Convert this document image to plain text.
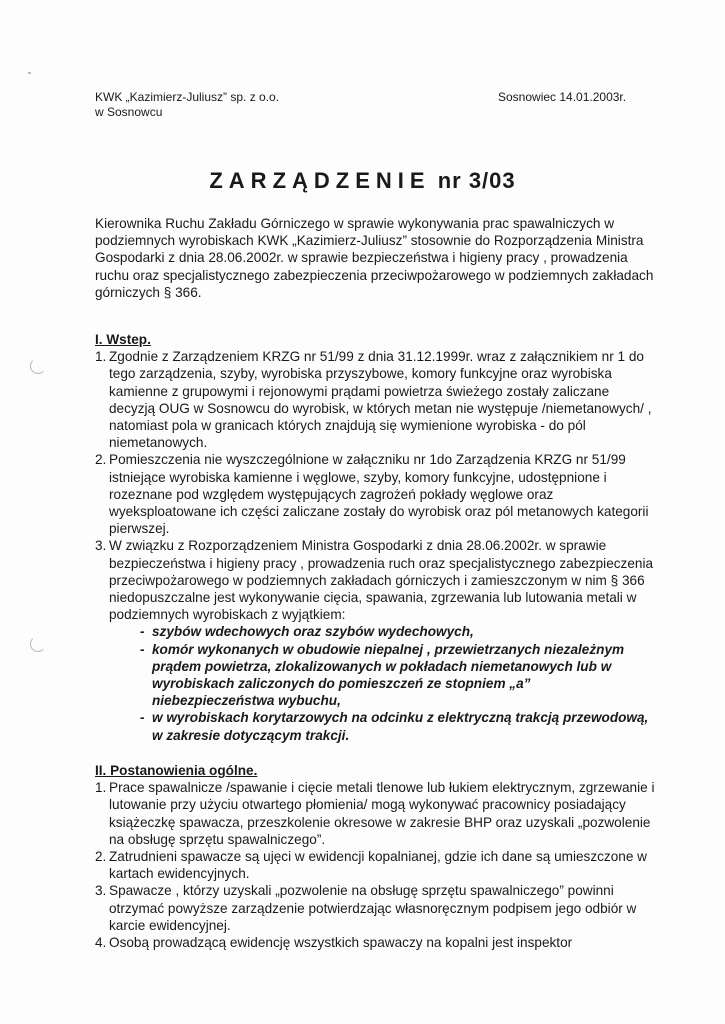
KWK „Kazimierz-Juliusz” sp. z o.o.
w Sosnowcu
Sosnowiec 14.01.2003r.
ZARZĄDZENIE nr 3/03

Kierownika Ruchu Zakładu Górniczego w sprawie wykonywania prac spawalniczych w podziemnych wyrobiskach KWK „Kazimierz-Juliusz” stosownie do Rozporządzenia Ministra Gospodarki z dnia 28.06.2002r. w sprawie bezpieczeństwa i higieny pracy , prowadzenia ruchu oraz specjalistycznego zabezpieczenia przeciwpożarowego w podziemnych zakładach górniczych § 366.

I. Wstep.

1. Zgodnie z Zarządzeniem KRZG nr 51/99 z dnia 31.12.1999r. wraz z załącznikiem nr 1 do tego zarządzenia, szyby, wyrobiska przyszybowe, komory funkcyjne oraz wyrobiska kamienne z grupowymi i rejonowymi prądami powietrza świeżego zostały zaliczane decyzją OUG w Sosnowcu do wyrobisk, w których metan nie występuje /niemetanowych/ , natomiast pola w granicach których znajdują się wymienione wyrobiska - do pól niemetanowych.
2. Pomieszczenia nie wyszczególnione w załączniku nr 1do Zarządzenia KRZG nr 51/99 istniejące wyrobiska kamienne i węglowe, szyby, komory funkcyjne, udostępnione i rozeznane pod względem występujących zagrożeń pokłady węglowe oraz wyeksploatowane ich części zaliczane zostały do wyrobisk oraz pól metanowych kategorii pierwszej.
3. W związku z Rozporządzeniem Ministra Gospodarki z dnia 28.06.2002r. w sprawie bezpieczeństwa i higieny pracy , prowadzenia ruch oraz specjalistycznego zabezpieczenia przeciwpożarowego w podziemnych zakładach górniczych i zamieszczonym w nim § 366 niedopuszczalne jest wykonywanie cięcia, spawania, zgrzewania lub lutowania metali w podziemnych wyrobiskach z wyjątkiem:
- szybów wdechowych oraz szybów wydechowych,
- komór wykonanych w obudowie niepalnej , przewietrzanych niezależnym prądem powietrza, zlokalizowanych w pokładach niemetanowych lub w wyrobiskach zaliczonych do pomieszczeń ze stopniem „a” niebezpieczeństwa wybuchu,
- w wyrobiskach korytarzowych na odcinku z elektryczną trakcją przewodową, w zakresie dotyczącym trakcji.

II. Postanowienia ogólne.

1. Prace spawalnicze /spawanie i cięcie metali tlenowe lub łukiem elektrycznym, zgrzewanie i lutowanie przy użyciu otwartego płomienia/ mogą wykonywać pracownicy posiadający książeczkę spawacza, przeszkolenie okresowe w zakresie BHP oraz uzyskali „pozwolenie na obsługę sprzętu spawalniczego”.
2. Zatrudnieni spawacze są ujęci w ewidencji kopalnianej, gdzie ich dane są umieszczone w kartach ewidencyjnych.
3. Spawacze , którzy uzyskali „pozwolenie na obsługę sprzętu spawalniczego” powinni otrzymać powyższe zarządzenie potwierdzając własnoręcznym podpisem jego odbiór w karcie ewidencyjnej.
4. Osobą prowadzącą ewidencję wszystkich spawaczy na kopalni jest inspektor
